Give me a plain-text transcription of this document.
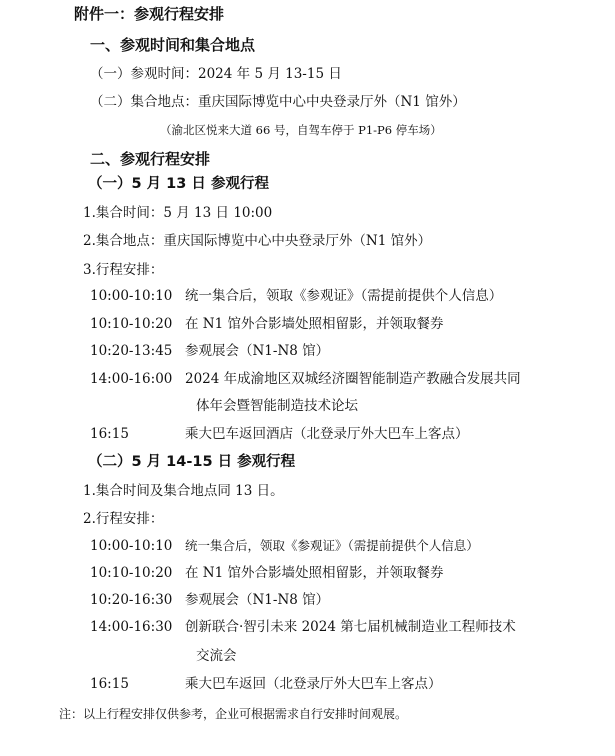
附件一：参观行程安排
一、参观时间和集合地点
（一）参观时间：2024 年 5 月 13-15 日
（二）集合地点：重庆国际博览中心中央登录厅外（N1 馆外）
（渝北区悦来大道 66 号，自驾车停于 P1-P6 停车场）
二、参观行程安排
（一）5 月 13 日 参观行程
1.集合时间：5 月 13 日 10:00
2.集合地点：重庆国际博览中心中央登录厅外（N1 馆外）
3.行程安排：
10:00-10:10 统一集合后，领取《参观证》（需提前提供个人信息）
10:10-10:20 在 N1 馆外合影墙处照相留影，并领取餐券
10:20-13:45 参观展会（N1-N8 馆）
14:00-16:00 2024 年成渝地区双城经济圈智能制造产教融合发展共同
体年会暨智能制造技术论坛
16:15	乘大巴车返回酒店（北登录厅外大巴车上客点）
（二）5 月 14-15 日 参观行程
1.集合时间及集合地点同 13 日。
2.行程安排：
10:00-10:10 统一集合后，领取《参观证》（需提前提供个人信息）
10:10-10:20 在 N1 馆外合影墙处照相留影，并领取餐券
10:20-16:30 参观展会（N1-N8 馆）
14:00-16:30 创新联合·智引未来 2024 第七届机械制造业工程师技术
交流会
16:15	乘大巴车返回（北登录厅外大巴车上客点）
注：以上行程安排仅供参考，企业可根据需求自行安排时间观展。
